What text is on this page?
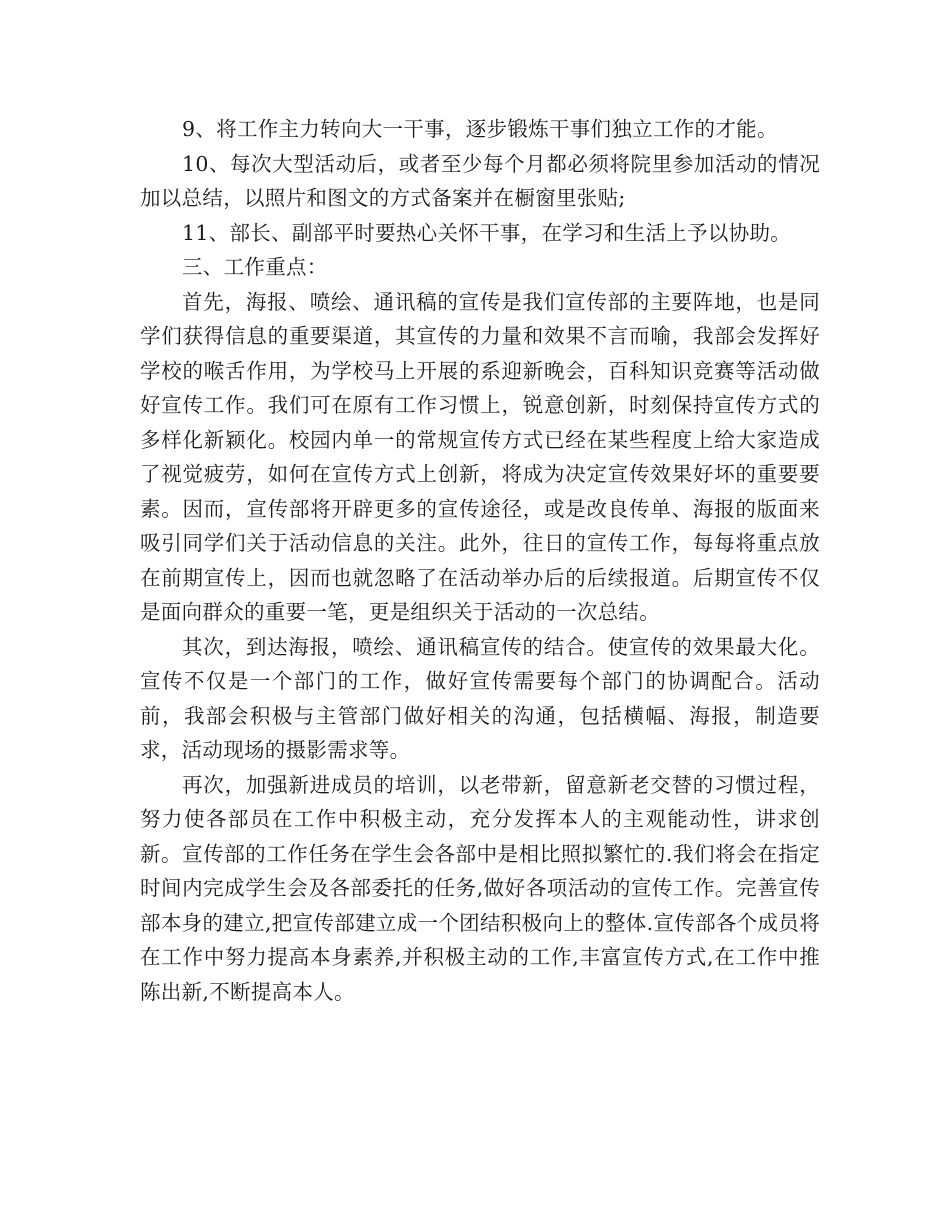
9、将工作主力转向大一干事，逐步锻炼干事们独立工作的才能。

10、每次大型活动后，或者至少每个月都必须将院里参加活动的情况加以总结，以照片和图文的方式备案并在橱窗里张贴;

11、部长、副部平时要热心关怀干事，在学习和生活上予以协助。

三、工作重点：

首先，海报、喷绘、通讯稿的宣传是我们宣传部的主要阵地，也是同学们获得信息的重要渠道，其宣传的力量和效果不言而喻，我部会发挥好学校的喉舌作用，为学校马上开展的系迎新晚会，百科知识竞赛等活动做好宣传工作。我们可在原有工作习惯上，锐意创新，时刻保持宣传方式的多样化新颖化。校园内单一的常规宣传方式已经在某些程度上给大家造成了视觉疲劳，如何在宣传方式上创新，将成为决定宣传效果好坏的重要要素。因而，宣传部将开辟更多的宣传途径，或是改良传单、海报的版面来吸引同学们关于活动信息的关注。此外，往日的宣传工作，每每将重点放在前期宣传上，因而也就忽略了在活动举办后的后续报道。后期宣传不仅是面向群众的重要一笔，更是组织关于活动的一次总结。

其次，到达海报，喷绘、通讯稿宣传的结合。使宣传的效果最大化。宣传不仅是一个部门的工作，做好宣传需要每个部门的协调配合。活动前，我部会积极与主管部门做好相关的沟通，包括横幅、海报，制造要求，活动现场的摄影需求等。

再次，加强新进成员的培训，以老带新，留意新老交替的习惯过程，努力使各部员在工作中积极主动，充分发挥本人的主观能动性，讲求创新。宣传部的工作任务在学生会各部中是相比照拟繁忙的.我们将会在指定时间内完成学生会及各部委托的任务,做好各项活动的宣传工作。完善宣传部本身的建立,把宣传部建立成一个团结积极向上的整体.宣传部各个成员将在工作中努力提高本身素养,并积极主动的工作,丰富宣传方式,在工作中推陈出新,不断提高本人。
